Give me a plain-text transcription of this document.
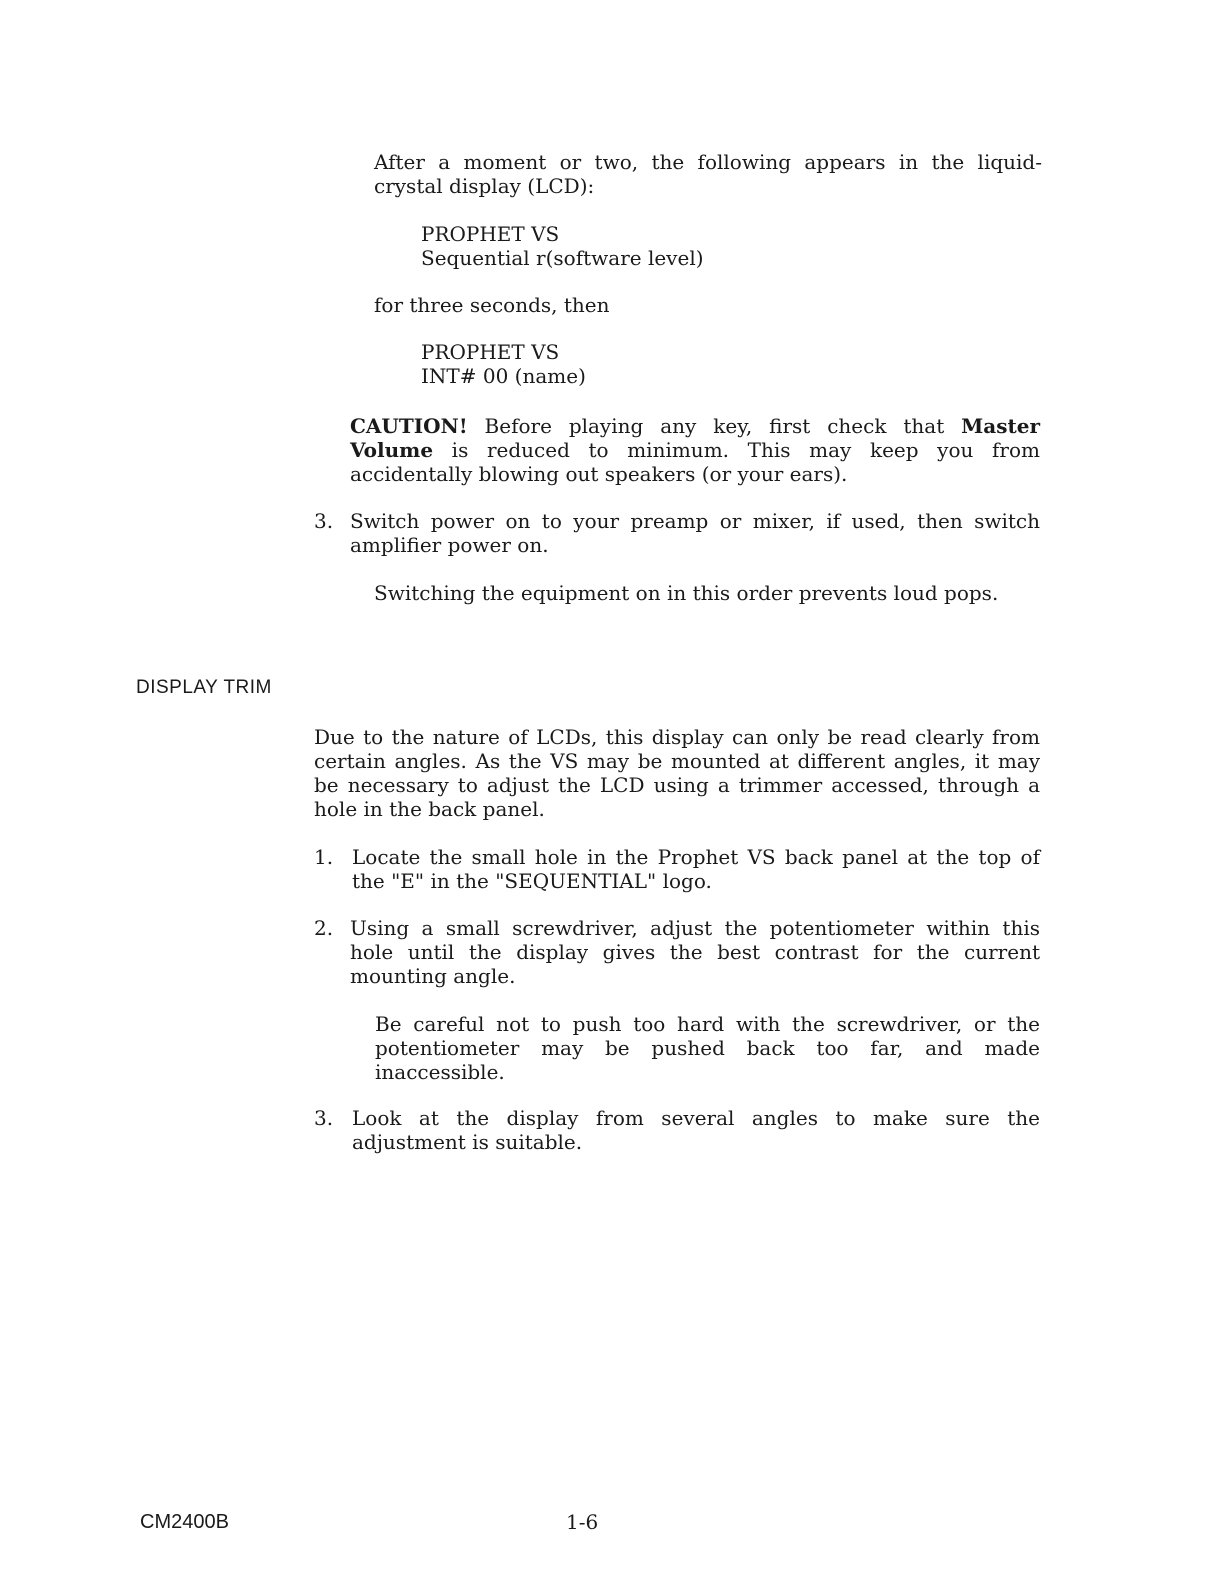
After a moment or two, the following appears in the liquid-
crystal display (LCD):
PROPHET VS
Sequential r(software level)
for three seconds, then
PROPHET VS
INT# 00 (name)
CAUTION! Before playing any key, first check that Master
Volume is reduced to minimum. This may keep you from
accidentally blowing out speakers (or your ears).
3. Switch power on to your preamp or mixer, if used, then switch
amplifier power on.
Switching the equipment on in this order prevents loud pops.
DISPLAY TRIM
Due to the nature of LCDs, this display can only be read clearly from
certain angles. As the VS may be mounted at different angles, it may
be necessary to adjust the LCD using a trimmer accessed, through a
hole in the back panel.
1. Locate the small hole in the Prophet VS back panel at the top of
the "E" in the "SEQUENTIAL" logo.
2. Using a small screwdriver, adjust the potentiometer within this
hole until the display gives the best contrast for the current
mounting angle.
Be careful not to push too hard with the screwdriver, or the
potentiometer may be pushed back too far, and made
inaccessible.
3. Look at the display from several angles to make sure the
adjustment is suitable.
CM2400B	1-6
